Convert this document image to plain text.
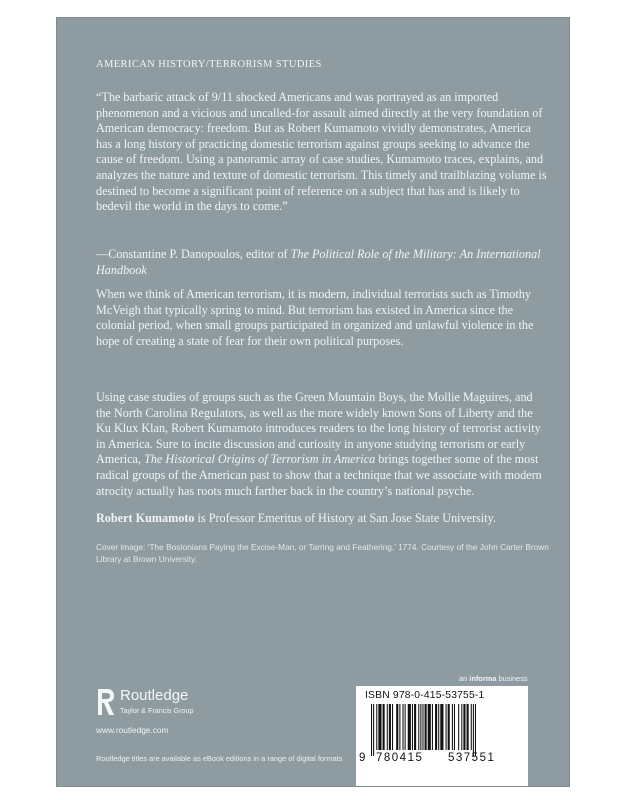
AMERICAN HISTORY/TERRORISM STUDIES

“The barbaric attack of 9/11 shocked Americans and was portrayed as an imported phenomenon and a vicious and uncalled-for assault aimed directly at the very foundation of American democracy: freedom. But as Robert Kumamoto vividly demonstrates, America has a long history of practicing domestic terrorism against groups seeking to advance the cause of freedom. Using a panoramic array of case studies, Kumamoto traces, explains, and analyzes the nature and texture of domestic terrorism. This timely and trailblazing volume is destined to become a significant point of reference on a subject that has and is likely to bedevil the world in the days to come.”

—Constantine P. Danopoulos, editor of The Political Role of the Military: An International Handbook

When we think of American terrorism, it is modern, individual terrorists such as Timothy McVeigh that typically spring to mind. But terrorism has existed in America since the colonial period, when small groups participated in organized and unlawful violence in the hope of creating a state of fear for their own political purposes.

Using case studies of groups such as the Green Mountain Boys, the Mollie Maguires, and the North Carolina Regulators, as well as the more widely known Sons of Liberty and the Ku Klux Klan, Robert Kumamoto introduces readers to the long history of terrorist activity in America. Sure to incite discussion and curiosity in anyone studying terrorism or early America, The Historical Origins of Terrorism in America brings together some of the most radical groups of the American past to show that a technique that we associate with modern atrocity actually has roots much farther back in the country’s national psyche.

Robert Kumamoto is Professor Emeritus of History at San Jose State University.

Cover image: ‘The Bostonians Paying the Excise-Man, or Tarring and Feathering,’ 1774. Courtesy of the John Carter Brown Library at Brown University.

Routledge
Taylor & Francis Group
www.routledge.com
Routledge titles are available as eBook editions in a range of digital formats
an informa business
ISBN 978-0-415-53755-1
9 780415 537551
